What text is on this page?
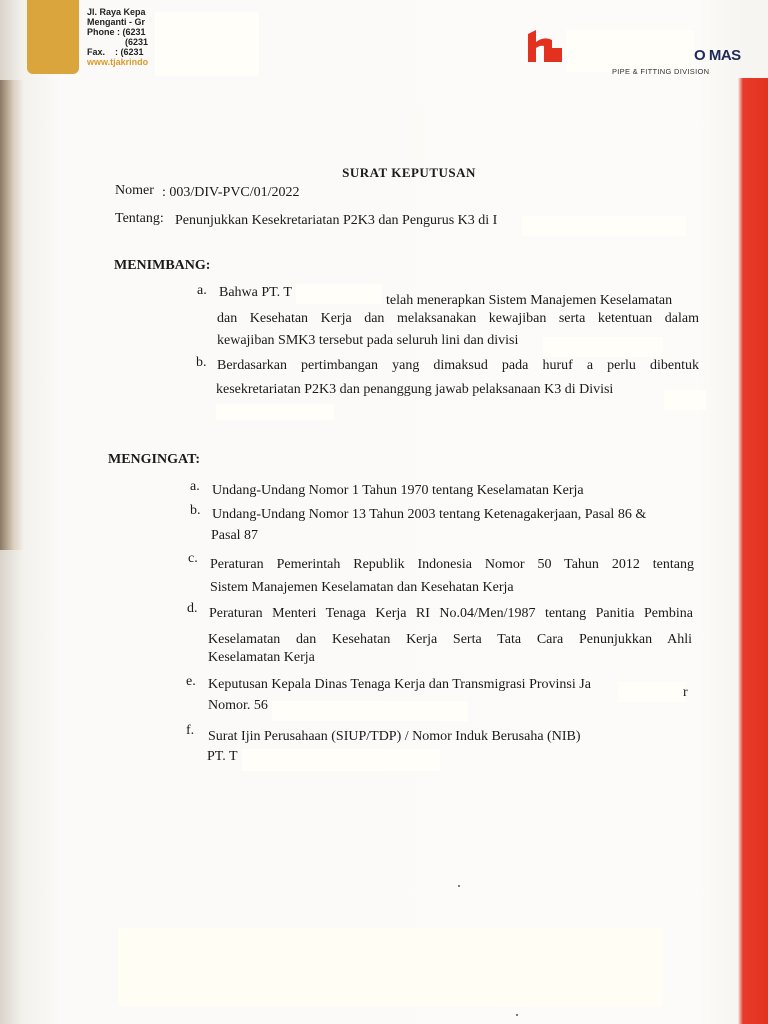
Jl. Raya Kepa
Menganti - Gr
Phone : (6231
(6231
Fax.    : (6231
www.tjakrindo	O MAS
PIPE & FITTING DIVISION
SURAT KEPUTUSAN
Nomer : 003/DIV-PVC/01/2022
Tentang: Penunjukkan Kesekretariatan P2K3 dan Pengurus K3 di I
MENIMBANG:
a. Bahwa PT. T
telah menerapkan Sistem Manajemen Keselamatan
dan Kesehatan Kerja dan melaksanakan kewajiban serta ketentuan dalam
kewajiban SMK3 tersebut pada seluruh lini dan divisi
b. Berdasarkan pertimbangan yang dimaksud pada huruf a perlu dibentuk
kesekretariatan P2K3 dan penanggung jawab pelaksanaan K3 di Divisi
MENGINGAT:
a. Undang-Undang Nomor 1 Tahun 1970 tentang Keselamatan Kerja
b. Undang-Undang Nomor 13 Tahun 2003 tentang Ketenagakerjaan, Pasal 86 &
Pasal 87
c. Peraturan Pemerintah Republik Indonesia Nomor 50 Tahun 2012 tentang
Sistem Manajemen Keselamatan dan Kesehatan Kerja
d. Peraturan Menteri Tenaga Kerja RI No.04/Men/1987 tentang Panitia Pembina
Keselamatan dan Kesehatan Kerja Serta Tata Cara Penunjukkan Ahli
Keselamatan Kerja
e. Keputusan Kepala Dinas Tenaga Kerja dan Transmigrasi Provinsi Ja
r
Nomor. 56
f. Surat Ijin Perusahaan (SIUP/TDP) / Nomor Induk Berusaha (NIB)
PT. T
